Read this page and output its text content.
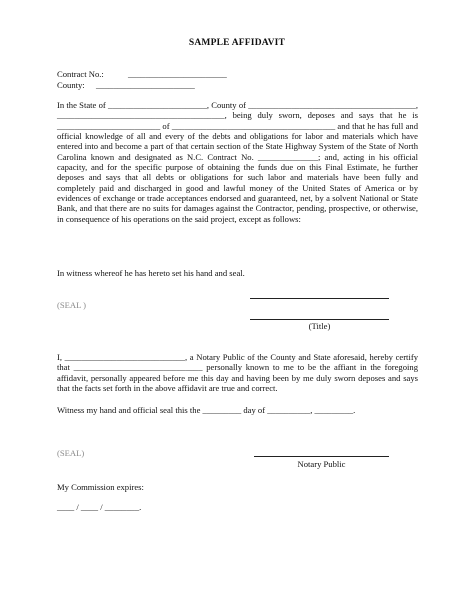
SAMPLE AFFIDAVIT
Contract No.:	_______________________
County: _______________________
In the State of _______________________, County of _______________________________________, _______________________________________, being duly sworn, deposes and says that he is ________________________ of ______________________________________ and that he has full and official knowledge of all and every of the debts and obligations for labor and materials which have entered into and become a part of that certain section of the State Highway System of the State of North Carolina known and designated as N.C. Contract No. ______________; and, acting in his official capacity, and for the specific purpose of obtaining the funds due on this Final Estimate, he further deposes and says that all debts or obligations for such labor and materials have been fully and completely paid and discharged in good and lawful money of the United States of America or by evidences of exchange or trade acceptances endorsed and guaranteed, net, by a solvent National or State Bank, and that there are no suits for damages against the Contractor, pending, prospective, or otherwise, in consequence of his operations on the said project, except as follows:
In witness whereof he has hereto set his hand and seal.
(SEAL )
(Title)
I, ____________________________, a Notary Public of the County and State aforesaid, hereby certify that ______________________________ personally known to me to be the affiant in the foregoing affidavit, personally appeared before me this day and having been by me duly sworn deposes and says that the facts set forth in the above affidavit are true and correct.
Witness my hand and official seal this the _________ day of __________, _________.
(SEAL)
Notary Public
My Commission expires:
____ / ____ / ________.
